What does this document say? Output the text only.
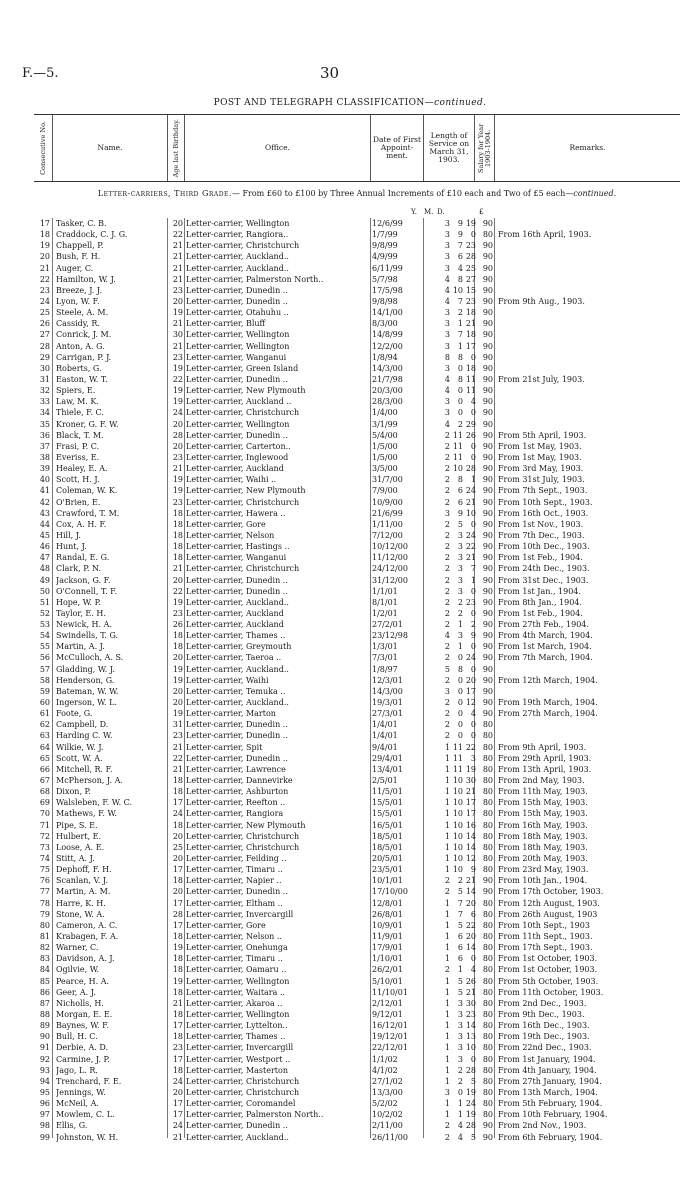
F.—5.	30
POST AND TELEGRAPH CLASSIFICATION—continued.
Consecutive No.	Name.	Age last Birthday.	Office.
Date of First Appoint-ment.
Length of Service on March 31, 1903.	Salary for Year 1903-1904.	Remarks.
Letter-carriers, Third Grade.— From £60 to £100 by Three Annual Increments of £10 each and Two of £5 each—continued.
Y. M. D.	£
17 Tasker, C. B.	20 Letter-carrier, Wellington	12/6/99	3 9 19 90
18 Craddock, C. J. G.	22 Letter-carrier, Rangiora..	1/7/99	3 9 0 80 From 16th April, 1903.
19 Chappell, P.	21 Letter-carrier, Christchurch	9/8/99	3 7 23 90
20 Bush, F. H.	21 Letter-carrier, Auckland..	4/9/99	3 6 28 90
21 Auger, C.	21 Letter-carrier, Auckland..	6/11/99	3 4 25 90
22 Hamilton, W. J.	21 Letter-carrier, Palmerston North..	5/7/98	4 8 27 90
23 Breeze, J. J.	23 Letter-carrier, Dunedin ..	17/5/98	4 10 15 90
24 Lyon, W. F.	20 Letter-carrier, Dunedin ..	9/8/98	4 7 23 90 From 9th Aug., 1903.
25 Steele, A. M.	19 Letter-carrier, Otahuhu ..	14/1/00	3 2 18 90
26 Cassidy, R.	21 Letter-carrier, Bluff	8/3/00	3 1 21 90
27 Conrick, J. M.	30 Letter-carrier, Wellington	14/8/99	3 7 18 90
28 Anton, A. G.	21 Letter-carrier, Wellington	12/2/00	3 1 17 90
29 Carrigan, P. J.	23 Letter-carrier, Wanganui	1/8/94	8 8 0 90
30 Roberts, G.	19 Letter-carrier, Green Island	14/3/00	3 0 18 90
31 Easton, W. T.	22 Letter-carrier, Dunedin ..	21/7/98	4 8 11 90 From 21st July, 1903.
32 Spiers, E.	19 Letter-carrier, New Plymouth	20/3/00	4 0 11 90
33 Law, M. K.	19 Letter-carrier, Auckland ..	28/3/00	3 0 4 90
34 Thiele, F. C.	24 Letter-carrier, Christchurch	1/4/00	3 0 0 90
35 Kroner, G. F. W.	20 Letter-carrier, Wellington	3/1/99	4 2 29 90
36 Black, T. M.	28 Letter-carrier, Dunedin ..	5/4/00	2 11 26 90 From 5th April, 1903.
37 Frasi, P. C.	20 Letter-carrier, Carterton..	1/5/00	2 11 0 90 From 1st May, 1903.
38 Everiss, E.	23 Letter-carrier, Inglewood	1/5/00	2 11 0 90 From 1st May, 1903.
39 Healey, E. A.	21 Letter-carrier, Auckland	3/5/00	2 10 28 90 From 3rd May, 1903.
40 Scott, H. J.	19 Letter-carrier, Waihi ..	31/7/00	2 8 1 90 From 31st July, 1903.
41 Coleman, W. K.	19 Letter-carrier, New Plymouth	7/9/00	2 6 24 90 From 7th Sept., 1903.
42 O'Brien, E.	23 Letter-carrier, Christchurch	10/9/00	2 6 21 90 From 10th Sept., 1903.
43 Crawford, T. M.	18 Letter-carrier, Hawera ..	21/6/99	3 9 10 90 From 16th Oct., 1903.
44 Cox, A. H. F.	18 Letter-carrier, Gore	1/11/00	2 5 0 90 From 1st Nov., 1903.
45 Hill, J.	18 Letter-carrier, Nelson	7/12/00	2 3 24 90 From 7th Dec., 1903.
46 Hunt, J.	18 Letter-carrier, Hastings ..	10/12/00	2 3 22 90 From 10th Dec., 1903.
47 Randal, E. G.	18 Letter-carrier, Wanganui	11/12/00	2 3 21 90 From 1st Feb., 1904.
48 Clark, P. N.	21 Letter-carrier, Christchurch	24/12/00	2 3 7 90 From 24th Dec., 1903.
49 Jackson, G. F.	20 Letter-carrier, Dunedin ..	31/12/00	2 3 1 90 From 31st Dec., 1903.
50 O'Connell, T. F.	22 Letter-carrier, Dunedin ..	1/1/01	2 3 0 90 From 1st Jan., 1904.
51 Hope, W. P.	19 Letter-carrier, Auckland..	8/1/01	2 2 23 90 From 8th Jan., 1904.
52 Taylor, E. H.	23 Letter-carrier, Auckland	1/2/01	2 2 0 90 From 1st Feb., 1904.
53 Newick, H. A.	26 Letter-carrier, Auckland	27/2/01	2 1 2 90 From 27th Feb., 1904.
54 Swindells, T. G.	18 Letter-carrier, Thames ..	23/12/98	4 3 9 90 From 4th March, 1904.
55 Martin, A. J.	18 Letter-carrier, Greymouth	1/3/01	2 1 0 90 From 1st March, 1904.
56 McCulloch, A. S.	20 Letter-carrier, Taeroa ..	7/3/01	2 0 24 90 From 7th March, 1904.
57 Gladding, W. J.	19 Letter-carrier, Auckland..	1/8/97	5 8 0 90
58 Henderson, G.	19 Letter-carrier, Waihi	12/3/01	2 0 20 90 From 12th March, 1904.
59 Bateman, W. W.	20 Letter-carrier, Temuka ..	14/3/00	3 0 17 90
60 Ingerson, W. L.	20 Letter-carrier, Auckland..	19/3/01	2 0 12 90 From 19th March, 1904.
61 Foote, G.	19 Letter-carrier, Marton	27/3/01	2 0 4 90 From 27th March, 1904.
62 Campbell, D.	31 Letter-carrier, Dunedin ..	1/4/01	2 0 0 80
63 Harding C. W.	23 Letter-carrier, Dunedin ..	1/4/01	2 0 0 80
64 Wilkie, W. J.	21 Letter-carrier, Spit	9/4/01	1 11 22 80 From 9th April, 1903.
65 Scott, W. A.	22 Letter-carrier, Dunedin ..	29/4/01	1 11 3 80 From 29th April, 1903.
66 Mitchell, R. F.	21 Letter-carrier, Lawrence	13/4/01	1 11 19 80 From 13th April, 1903.
67 McPherson, J. A.	18 Letter-carrier, Dannevirke	2/5/01	1 10 30 80 From 2nd May, 1903.
68 Dixon, P.	18 Letter-carrier, Ashburton	11/5/01	1 10 21 80 From 11th May, 1903.
69 Walsleben, F. W. C.	17 Letter-carrier, Reefton ..	15/5/01	1 10 17 80 From 15th May, 1903.
70 Mathews, F. W.	24 Letter-carrier, Rangiora	15/5/01	1 10 17 80 From 15th May, 1903.
71 Pipe, S. E.	18 Letter-carrier, New Plymouth	16/5/01	1 10 16 80 From 16th May, 1903.
72 Hulbert, E.	20 Letter-carrier, Christchurch	18/5/01	1 10 14 80 From 18th May, 1903.
73 Loose, A. E.	25 Letter-carrier, Christchurch	18/5/01	1 10 14 80 From 18th May, 1903.
74 Stitt, A. J.	20 Letter-carrier, Feilding ..	20/5/01	1 10 12 80 From 20th May, 1903.
75 Dephoff, F. H.	17 Letter-carrier, Timaru ..	23/5/01	1 10 9 80 From 23rd May, 1903.
76 Scanlan, V. J.	18 Letter-carrier, Napier ..	10/1/01	2 2 21 90 From 10th Jan., 1904.
77 Martin, A. M.	20 Letter-carrier, Dunedin ..	17/10/00	2 5 14 90 From 17th October, 1903.
78 Harre, K. H.	17 Letter-carrier, Eltham ..	12/8/01	1 7 20 80 From 12th August, 1903.
79 Stone, W. A.	28 Letter-carrier, Invercargill	26/8/01	1 7 6 80 From 26th August, 1903
80 Cameron, A. C.	17 Letter-carrier, Gore	10/9/01	1 5 22 80 From 10th Sept., 1903
81 Krabagen, F. A.	18 Letter-carrier, Nelson ..	11/9/01	1 6 20 80 From 11th Sept., 1903.
82 Warner, C.	19 Letter-carrier, Onehunga	17/9/01	1 6 14 80 From 17th Sept., 1903.
83 Davidson, A. J.	18 Letter-carrier, Timaru ..	1/10/01	1 6 0 80 From 1st October, 1903.
84 Ogilvie, W.	18 Letter-carrier, Oamaru ..	26/2/01	2 1 4 80 From 1st October, 1903.
85 Pearce, H. A.	19 Letter-carrier, Wellington	5/10/01	1 5 26 80 From 5th October, 1903.
86 Geer, A. J.	18 Letter-carrier, Waitara ..	11/10/01	1 5 21 80 From 11th October, 1903.
87 Nicholls, H.	21 Letter-carrier, Akaroa ..	2/12/01	1 3 30 80 From 2nd Dec., 1903.
88 Morgan, E. E.	18 Letter-carrier, Wellington	9/12/01	1 3 23 80 From 9th Dec., 1903.
89 Baynes, W. F.	17 Letter-carrier, Lyttelton..	16/12/01	1 3 14 80 From 16th Dec., 1903.
90 Bull, H. C.	18 Letter-carrier, Thames ..	19/12/01	1 3 13 80 From 19th Dec., 1903.
91 Derbie, A. D.	23 Letter-carrier, Invercargill	22/12/01	1 3 10 80 From 22nd Dec., 1903.
92 Carmine, J. P.	17 Letter-carrier, Westport ..	1/1/02	1 3 0 80 From 1st January, 1904.
93 Jago, L. R.	18 Letter-carrier, Masterton	4/1/02	1 2 28 80 From 4th January, 1904.
94 Trenchard, F. E.	24 Letter-carrier, Christchurch	27/1/02	1 2 5 80 From 27th January, 1904.
95 Jennings, W.	20 Letter-carrier, Christchurch	13/3/00	3 0 19 80 From 13th March, 1904.
96 McNeil, A.	17 Letter-carrier, Coromandel	5/2/02	1 1 24 80 From 5th February, 1904.
97 Mowlem, C. L.	17 Letter-carrier, Palmerston North..	10/2/02	1 1 19 80 From 10th February, 1904.
98 Ellis, G.	24 Letter-carrier, Dunedin ..	2/11/00	2 4 28 90 From 2nd Nov., 1903.
99 Johnston, W. H.	21 Letter-carrier, Auckland..	26/11/00	2 4 5 90 From 6th February, 1904.
